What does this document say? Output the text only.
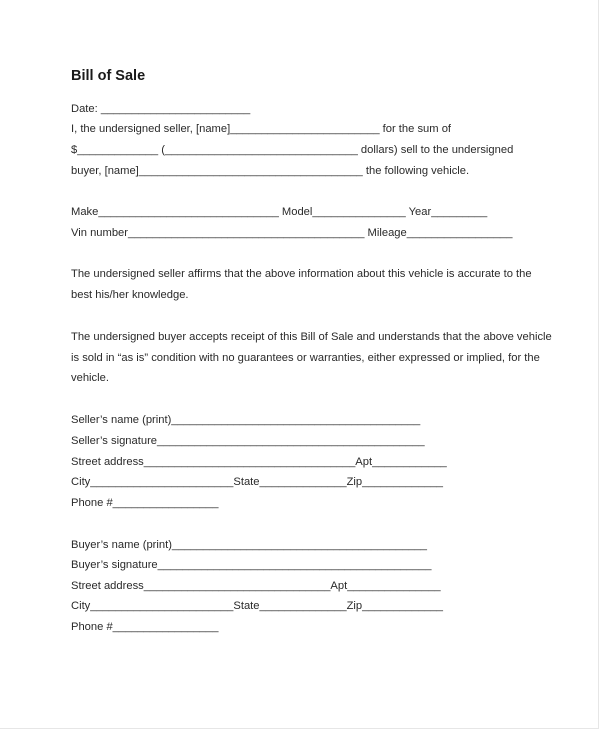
Bill of Sale
Date: ________________________
I, the undersigned seller, [name]________________________ for the sum of
$_____________ (_______________________________ dollars) sell to the undersigned
buyer, [name]____________________________________ the following vehicle.
Make_____________________________ Model_______________ Year_________
Vin number______________________________________ Mileage_________________
The undersigned seller affirms that the above information about this vehicle is accurate to the
best his/her knowledge.
The undersigned buyer accepts receipt of this Bill of Sale and understands that the above vehicle
is sold in “as is” condition with no guarantees or warranties, either expressed or implied, for the
vehicle.
Seller’s name (print)________________________________________
Seller’s signature___________________________________________
Street address__________________________________Apt____________
City_______________________State______________Zip_____________
Phone #_________________
Buyer’s name (print)_________________________________________
Buyer’s signature____________________________________________
Street address______________________________Apt_______________
City_______________________State______________Zip_____________
Phone #_________________
